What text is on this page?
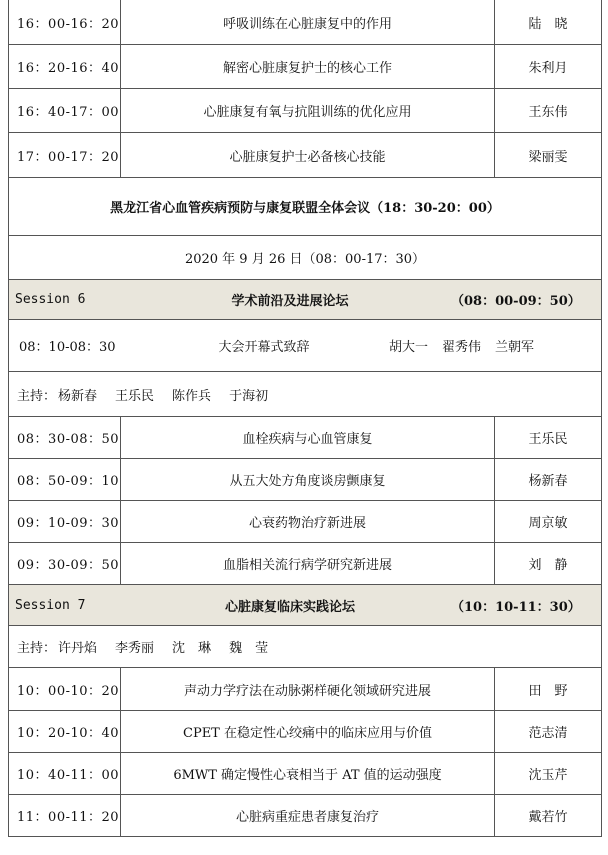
16：00-16：20	呼吸训练在心脏康复中的作用	陆　晓
16：20-16：40	解密心脏康复护士的核心工作	朱利月
16：40-17：00	心脏康复有氧与抗阻训练的优化应用	王东伟
17：00-17：20	心脏康复护士必备核心技能	梁丽雯
黑龙江省心血管疾病预防与康复联盟全体会议（18：30-20：00）
2020 年 9 月 26 日（08：00-17：30）
Session 6	学术前沿及进展论坛	（08：00-09：50）
08：10-08：30	大会开幕式致辞	胡大一 翟秀伟 兰朝军
主持： 杨新春 王乐民 陈作兵 于海初
08：30-08：50	血栓疾病与心血管康复	王乐民
08：50-09：10	从五大处方角度谈房颤康复	杨新春
09：10-09：30	心衰药物治疗新进展	周京敏
09：30-09：50	血脂相关流行病学研究新进展	刘　静
Session 7	心脏康复临床实践论坛	（10：10-11：30）
主持： 许丹焰 李秀丽 沈　琳 魏　莹
10：00-10：20	声动力学疗法在动脉粥样硬化领域研究进展	田　野
10：20-10：40	CPET 在稳定性心绞痛中的临床应用与价值	范志清
10：40-11：00	6MWT 确定慢性心衰相当于 AT 值的运动强度	沈玉芹
11：00-11：20	心脏病重症患者康复治疗	戴若竹
